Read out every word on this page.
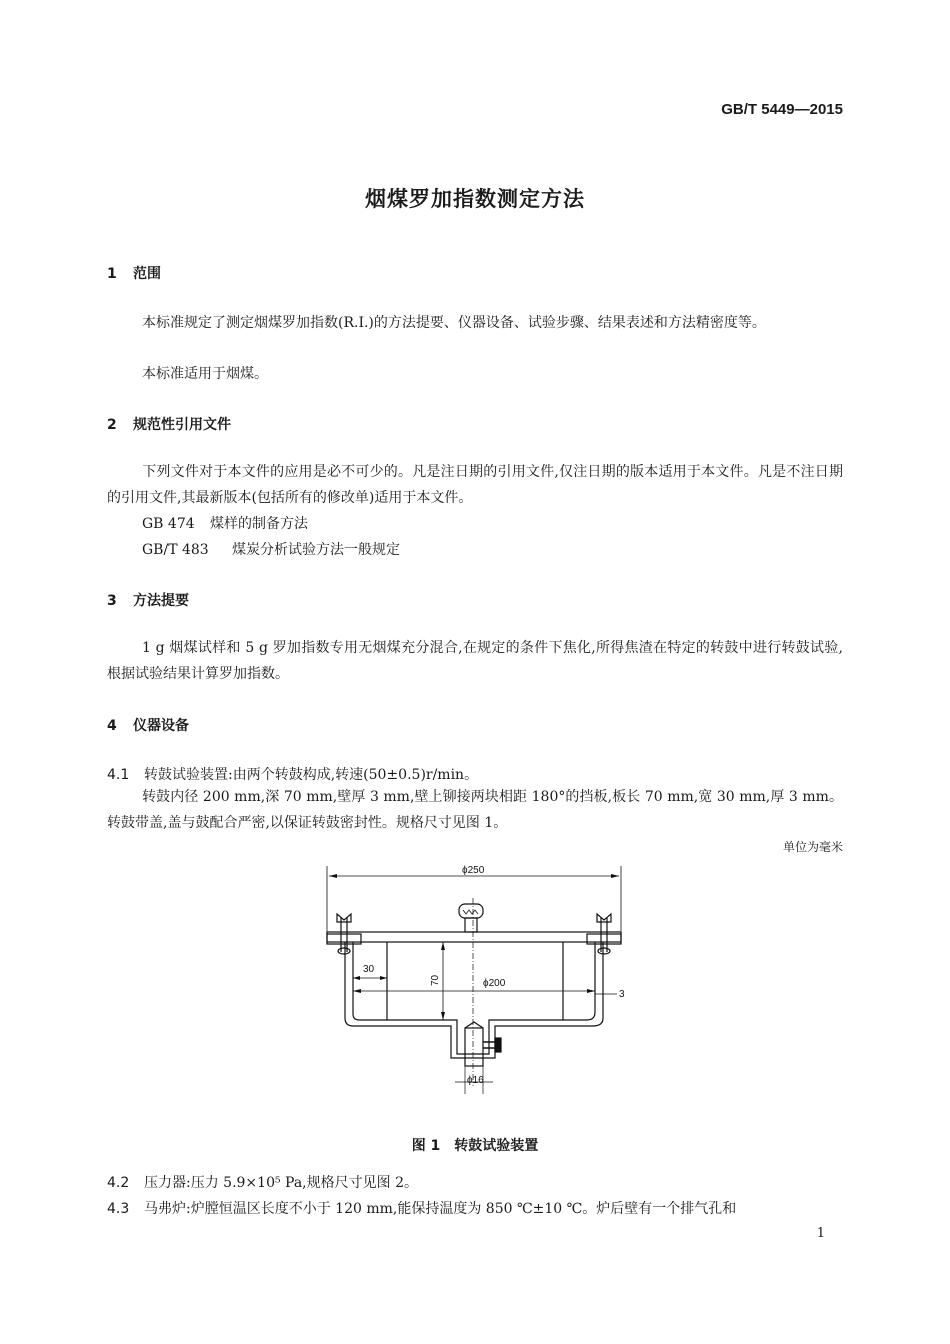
GB/T 5449—2015
烟煤罗加指数测定方法
1 范围
本标准规定了测定烟煤罗加指数(R.I.)的方法提要、仪器设备、试验步骤、结果表述和方法精密度等。
本标准适用于烟煤。
2 规范性引用文件
下列文件对于本文件的应用是必不可少的。凡是注日期的引用文件,仅注日期的版本适用于本文件。凡是不注日期的引用文件,其最新版本(包括所有的修改单)适用于本文件。
GB 474 煤样的制备方法
GB/T 483 煤炭分析试验方法一般规定
3 方法提要
1 g 烟煤试样和 5 g 罗加指数专用无烟煤充分混合,在规定的条件下焦化,所得焦渣在特定的转鼓中进行转鼓试验,根据试验结果计算罗加指数。
4 仪器设备
4.1 转鼓试验装置:由两个转鼓构成,转速(50±0.5)r/min。
转鼓内径 200 mm,深 70 mm,壁厚 3 mm,壁上铆接两块相距 180°的挡板,板长 70 mm,宽 30 mm,厚 3 mm。转鼓带盖,盖与鼓配合严密,以保证转鼓密封性。规格尺寸见图 1。
单位为毫米
ϕ250
ϕ200
30
70
3
ϕ16
图 1　转鼓试验装置
4.2 压力器:压力 5.9×10⁵ Pa,规格尺寸见图 2。
4.3 马弗炉:炉膛恒温区长度不小于 120 mm,能保持温度为 850 ℃±10 ℃。炉后壁有一个排气孔和
1
